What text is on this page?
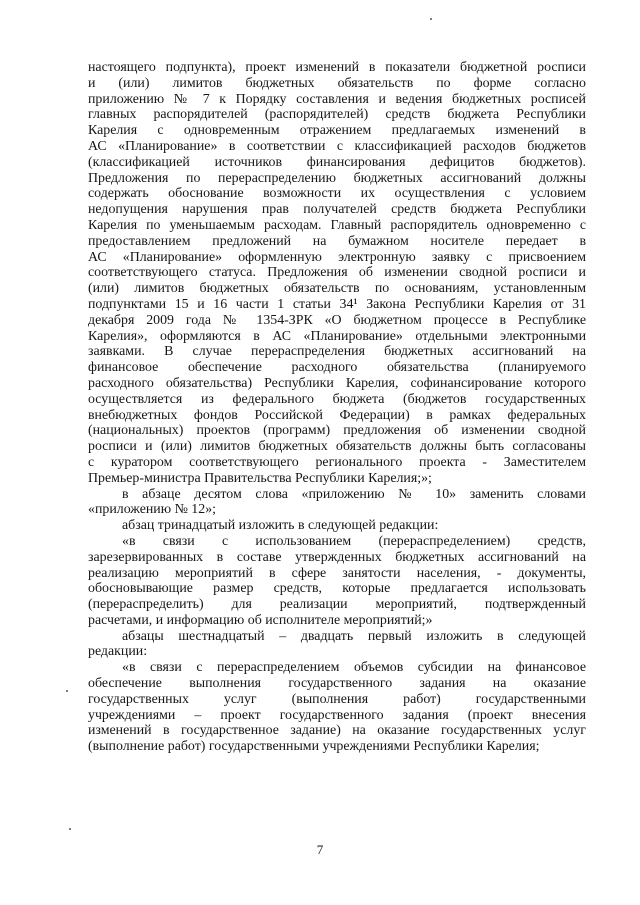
настоящего подпункта), проект изменений в показатели бюджетной росписи
и (или) лимитов бюджетных обязательств по форме согласно
приложению № 7 к Порядку составления и ведения бюджетных росписей
главных распорядителей (распорядителей) средств бюджета Республики
Карелия с одновременным отражением предлагаемых изменений в
АС «Планирование» в соответствии с классификацией расходов бюджетов
(классификацией источников финансирования дефицитов бюджетов).
Предложения по перераспределению бюджетных ассигнований должны
содержать обоснование возможности их осуществления с условием
недопущения нарушения прав получателей средств бюджета Республики
Карелия по уменьшаемым расходам. Главный распорядитель одновременно с
предоставлением предложений на бумажном носителе передает в
АС «Планирование» оформленную электронную заявку с присвоением
соответствующего статуса. Предложения об изменении сводной росписи и
(или) лимитов бюджетных обязательств по основаниям, установленным
подпунктами 15 и 16 части 1 статьи 34¹ Закона Республики Карелия от 31
декабря 2009 года № 1354-ЗРК «О бюджетном процессе в Республике
Карелия», оформляются в АС «Планирование» отдельными электронными
заявками. В случае перераспределения бюджетных ассигнований на
финансовое обеспечение расходного обязательства (планируемого
расходного обязательства) Республики Карелия, софинансирование которого
осуществляется из федерального бюджета (бюджетов государственных
внебюджетных фондов Российской Федерации) в рамках федеральных
(национальных) проектов (программ) предложения об изменении сводной
росписи и (или) лимитов бюджетных обязательств должны быть согласованы
с куратором соответствующего регионального проекта - Заместителем
Премьер-министра Правительства Республики Карелия;»;
в абзаце десятом слова «приложению № 10» заменить словами
«приложению № 12»;
абзац тринадцатый изложить в следующей редакции:
«в связи с использованием (перераспределением) средств,
зарезервированных в составе утвержденных бюджетных ассигнований на
реализацию мероприятий в сфере занятости населения, - документы,
обосновывающие размер средств, которые предлагается использовать
(перераспределить) для реализации мероприятий, подтвержденный
расчетами, и информацию об исполнителе мероприятий;»
абзацы шестнадцатый – двадцать первый изложить в следующей
редакции:
«в связи с перераспределением объемов субсидии на финансовое
обеспечение выполнения государственного задания на оказание
государственных услуг (выполнения работ) государственными
учреждениями – проект государственного задания (проект внесения
изменений в государственное задание) на оказание государственных услуг
(выполнение работ) государственными учреждениями Республики Карелия;
7
